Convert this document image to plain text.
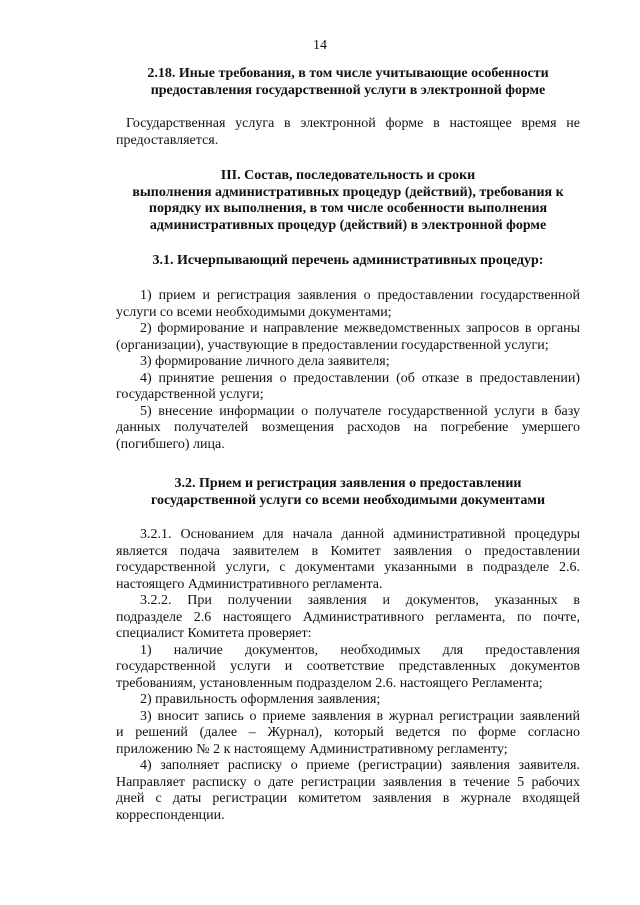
14
2.18. Иные требования, в том числе учитывающие особенности
предоставления государственной услуги в электронной форме
Государственная услуга в электронной форме в настоящее время не
предоставляется.
III. Состав, последовательность и сроки
выполнения административных процедур (действий), требования к
порядку их выполнения, в том числе особенности выполнения
административных процедур (действий) в электронной форме
3.1. Исчерпывающий перечень административных процедур:
1) прием и регистрация заявления о предоставлении государственной
услуги со всеми необходимыми документами;
2) формирование и направление межведомственных запросов в органы
(организации), участвующие в предоставлении государственной услуги;
3) формирование личного дела заявителя;
4) принятие решения о предоставлении (об отказе в предоставлении)
государственной услуги;
5) внесение информации о получателе государственной услуги в базу
данных получателей возмещения расходов на погребение умершего
(погибшего) лица.
3.2. Прием и регистрация заявления о предоставлении
государственной услуги со всеми необходимыми документами
3.2.1. Основанием для начала данной административной процедуры
является подача заявителем в Комитет заявления о предоставлении
государственной услуги, с документами указанными в подразделе 2.6.
настоящего Административного регламента.
3.2.2. При получении заявления и документов, указанных в
подразделе 2.6 настоящего Административного регламента, по почте,
специалист Комитета проверяет:
1) наличие документов, необходимых для предоставления
государственной услуги и соответствие представленных документов
требованиям, установленным подразделом 2.6. настоящего Регламента;
2) правильность оформления заявления;
3) вносит запись о приеме заявления в журнал регистрации заявлений
и решений (далее – Журнал), который ведется по форме согласно
приложению № 2 к настоящему Административному регламенту;
4) заполняет расписку о приеме (регистрации) заявления заявителя.
Направляет расписку о дате регистрации заявления в течение 5 рабочих
дней с даты регистрации комитетом заявления в журнале входящей
корреспонденции.
